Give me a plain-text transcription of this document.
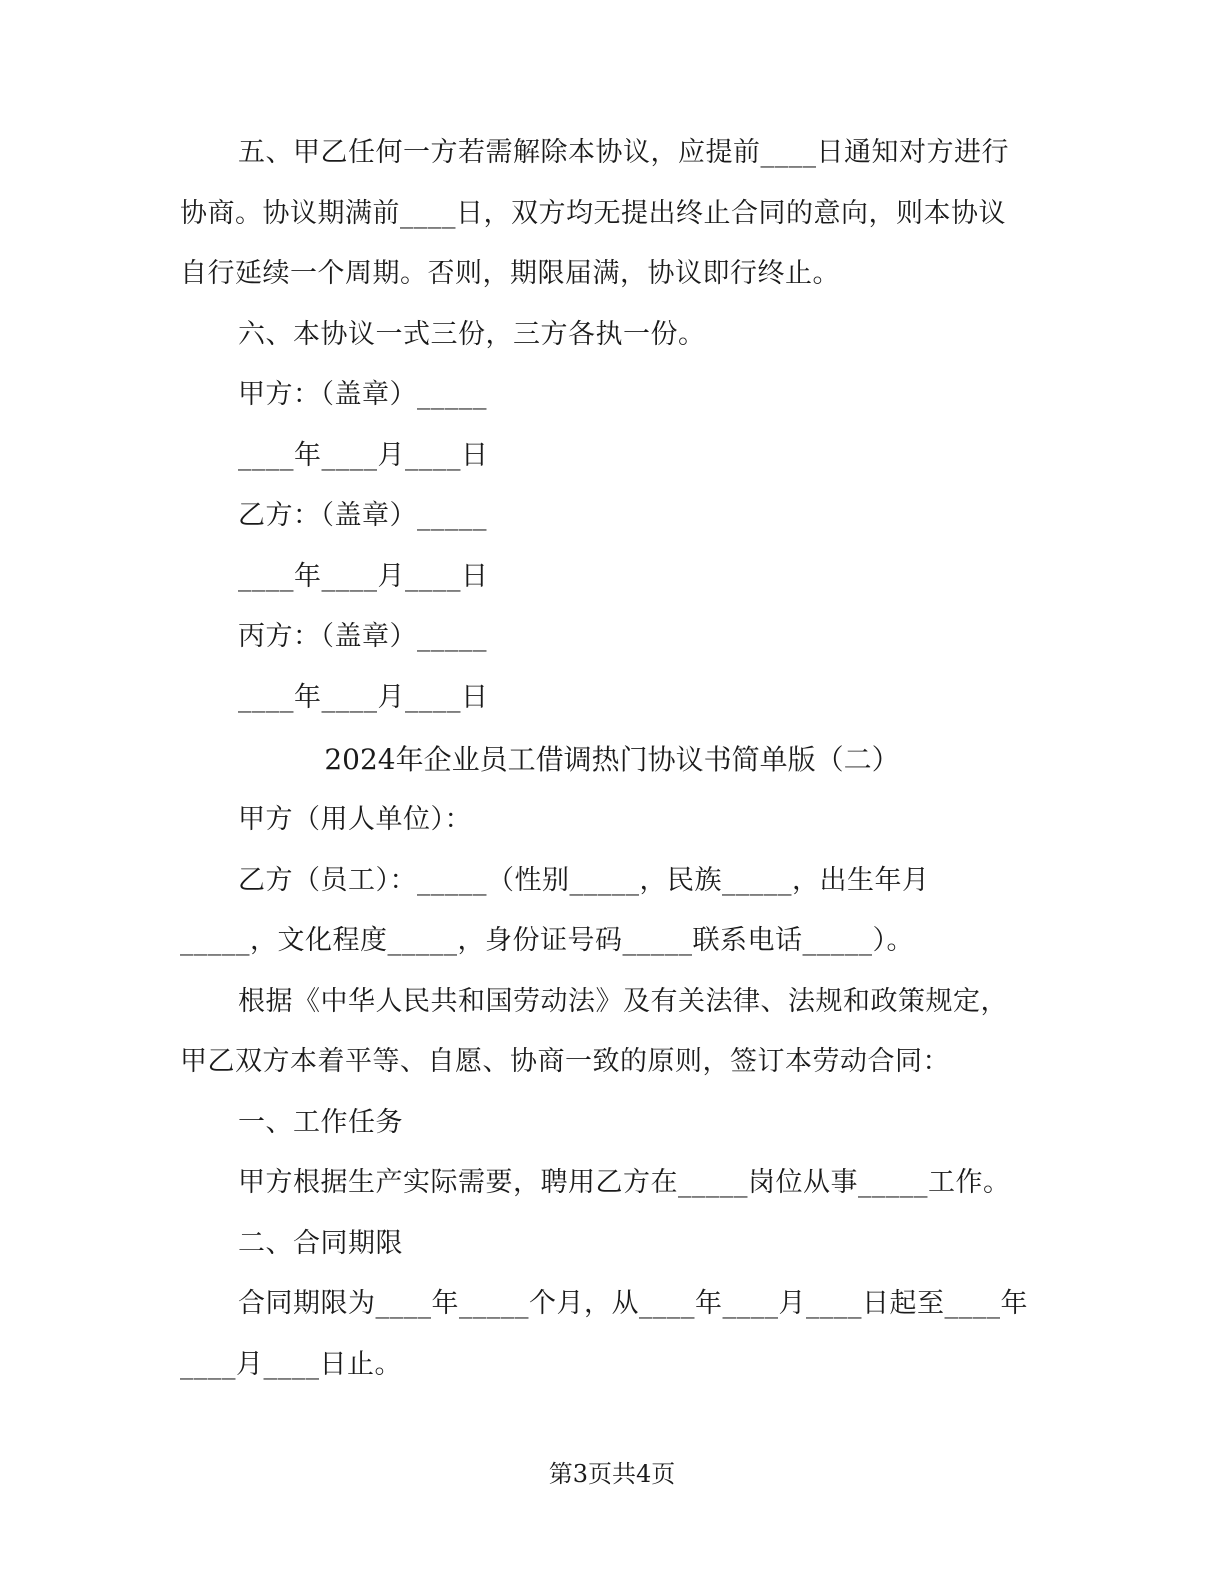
五、甲乙任何一方若需解除本协议，应提前____日通知对方进行
协商。协议期满前____日，双方均无提出终止合同的意向，则本协议
自行延续一个周期。否则，期限届满，协议即行终止。
六、本协议一式三份，三方各执一份。
甲方：（盖章）_____
____年____月____日
乙方：（盖章）_____
____年____月____日
丙方：（盖章）_____
____年____月____日
2024年企业员工借调热门协议书简单版（二）
甲方（用人单位）：
乙方（员工）：_____（性别_____，民族_____，出生年月
_____，文化程度_____，身份证号码_____联系电话_____）。
根据《中华人民共和国劳动法》及有关法律、法规和政策规定，
甲乙双方本着平等、自愿、协商一致的原则，签订本劳动合同：
一、工作任务
甲方根据生产实际需要，聘用乙方在_____岗位从事_____工作。
二、合同期限
合同期限为____年_____个月，从____年____月____日起至____年
____月____日止。
第3页共4页
